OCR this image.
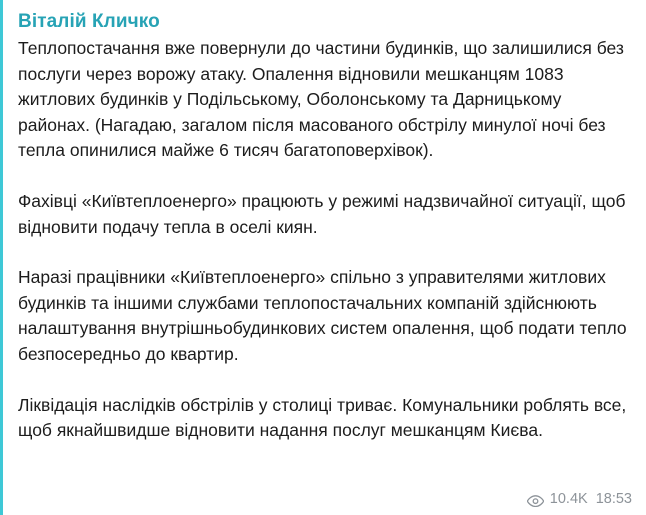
Віталій Кличко

Теплопостачання вже повернули до частини будинків, що залишилися без послуги через ворожу атаку. Опалення відновили мешканцям 1083 житлових будинків у Подільському, Оболонському та Дарницькому районах. (Нагадаю, загалом після масованого обстрілу минулої ночі без тепла опинилися майже 6 тисяч багатоповерхівок).

Фахівці «Київтеплоенерго» працюють у режимі надзвичайної ситуації, щоб відновити подачу тепла в оселі киян.

Наразі працівники «Київтеплоенерго» спільно з управителями житлових будинків та іншими службами теплопостачальних компаній здійснюють налаштування внутрішньобудинкових систем опалення, щоб подати тепло безпосередньо до квартир.

Ліквідація наслідків обстрілів у столиці триває. Комунальники роблять все, щоб якнайшвидше відновити надання послуг мешканцям Києва.

10.4K 18:53
